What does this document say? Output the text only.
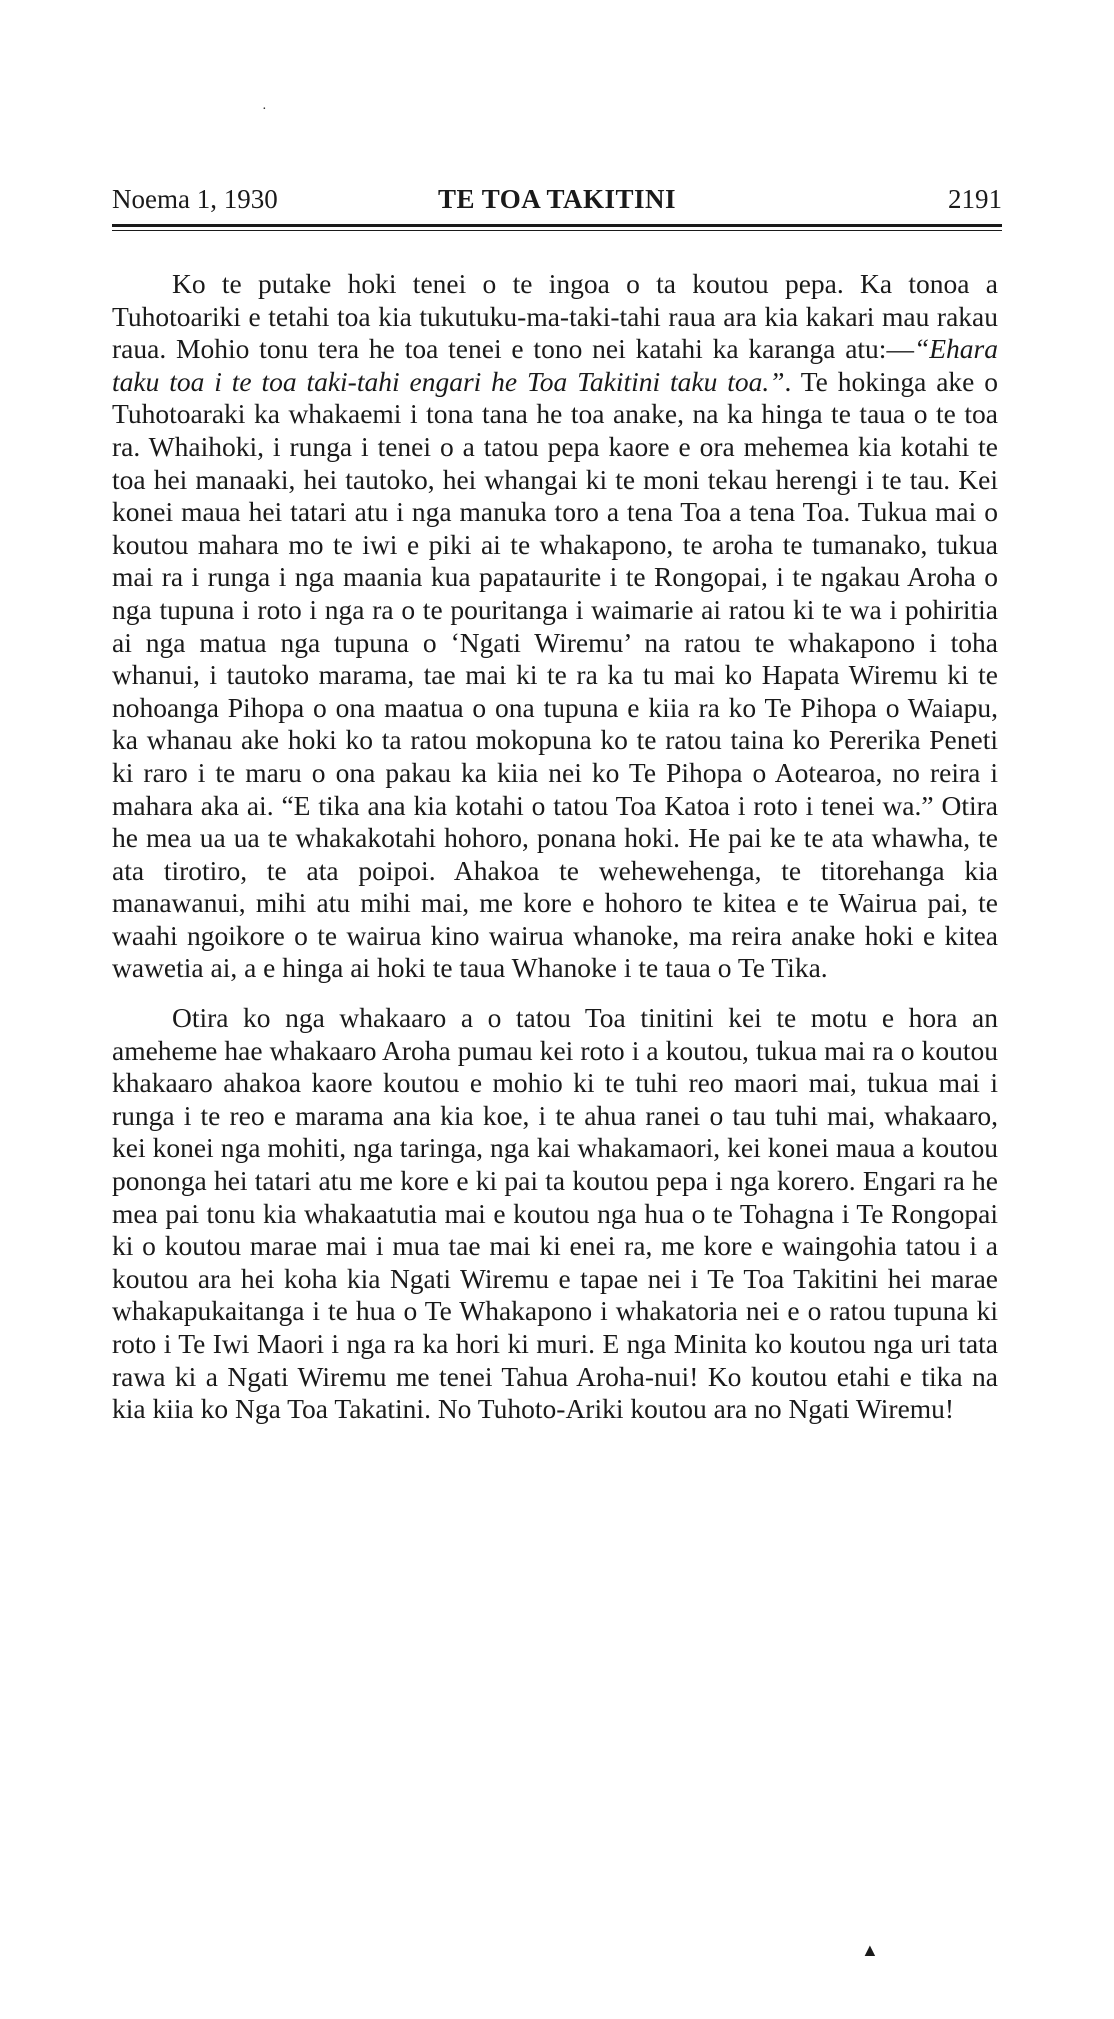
·
Noema 1, 1930	TE TOA TAKITINI	2191

Ko te putake hoki tenei o te ingoa o ta koutou pepa. Ka tonoa a Tuhotoariki e tetahi toa kia tukutuku-ma-taki-tahi raua ara kia kakari mau rakau raua. Mohio tonu tera he toa tenei e tono nei katahi ka karanga atu:—“Ehara taku toa i te toa taki-tahi engari he Toa Takitini taku toa.”. Te hokinga ake o Tuhotoaraki ka whakaemi i tona tana he toa anake, na ka hinga te taua o te toa ra. Whaihoki, i runga i tenei o a tatou pepa kaore e ora mehemea kia kotahi te toa hei manaaki, hei tautoko, hei whangai ki te moni tekau herengi i te tau. Kei konei maua hei tatari atu i nga manuka toro a tena Toa a tena Toa. Tukua mai o koutou mahara mo te iwi e piki ai te whakapono, te aroha te tumanako, tukua mai ra i runga i nga maania kua papataurite i te Rongopai, i te ngakau Aroha o nga tupuna i roto i nga ra o te pouritanga i waimarie ai ratou ki te wa i pohiritia ai nga matua nga tupuna o ‘Ngati Wiremu’ na ratou te whakapono i toha whanui, i tautoko marama, tae mai ki te ra ka tu mai ko Hapata Wiremu ki te nohoanga Pihopa o ona maatua o ona tupuna e kiia ra ko Te Pihopa o Waiapu, ka whanau ake hoki ko ta ratou mokopuna ko te ratou taina ko Pererika Peneti ki raro i te maru o ona pakau ka kiia nei ko Te Pihopa o Aotearoa, no reira i mahara aka ai. “E tika ana kia kotahi o tatou Toa Katoa i roto i tenei wa.” Otira he mea ua ua te whakakotahi hohoro, ponana hoki. He pai ke te ata whawha, te ata tirotiro, te ata poipoi. Ahakoa te wehewehenga, te titorehanga kia manawanui, mihi atu mihi mai, me kore e hohoro te kitea e te Wairua pai, te waahi ngoikore o te wairua kino wairua whanoke, ma reira anake hoki e kitea wawetia ai, a e hinga ai hoki te taua Whanoke i te taua o Te Tika.

Otira ko nga whakaaro a o tatou Toa tinitini kei te motu e hora an ameheme hae whakaaro Aroha pumau kei roto i a koutou, tukua mai ra o koutou khakaaro ahakoa kaore koutou e mohio ki te tuhi reo maori mai, tukua mai i runga i te reo e marama ana kia koe, i te ahua ranei o tau tuhi mai, whakaaro, kei konei nga mohiti, nga taringa, nga kai whakamaori, kei konei maua a koutou pononga hei tatari atu me kore e ki pai ta koutou pepa i nga korero. Engari ra he mea pai tonu kia whakaatutia mai e koutou nga hua o te Tohagna i Te Rongopai ki o koutou marae mai i mua tae mai ki enei ra, me kore e waingohia tatou i a koutou ara hei koha kia Ngati Wiremu e tapae nei i Te Toa Takitini hei marae whakapukaitanga i te hua o Te Whakapono i whakatoria nei e o ratou tupuna ki roto i Te Iwi Maori i nga ra ka hori ki muri. E nga Minita ko koutou nga uri tata rawa ki a Ngati Wiremu me tenei Tahua Aroha-nui! Ko koutou etahi e tika na kia kiia ko Nga Toa Takatini. No Tuhoto-Ariki koutou ara no Ngati Wiremu!

▲
